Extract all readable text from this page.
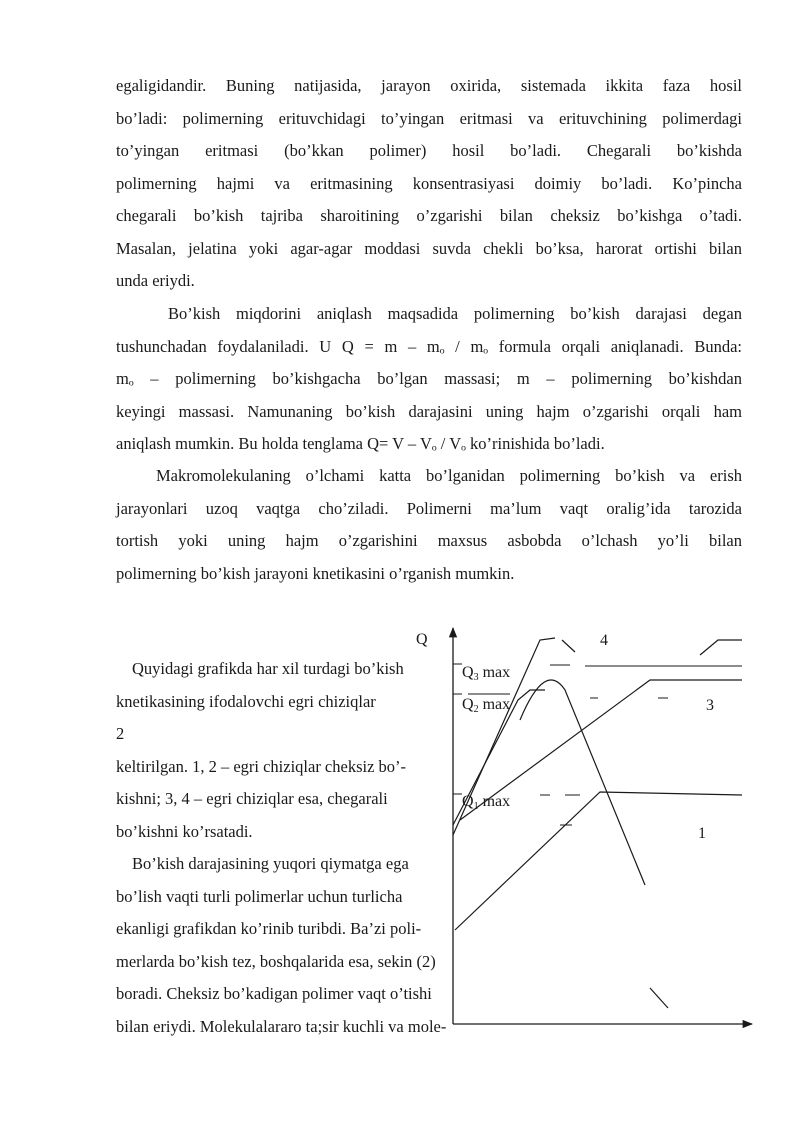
egaligidandir. Buning natijasida, jarayon oxirida, sistemada ikkita faza hosil
bo’ladi: polimerning erituvchidagi to’yingan eritmasi va erituvchining polimerdagi
to’yingan eritmasi (bo’kkan polimer) hosil bo’ladi. Chegarali bo’kishda
polimerning hajmi va eritmasining konsentrasiyasi doimiy bo’ladi. Ko’pincha
chegarali bo’kish tajriba sharoitining o’zgarishi bilan cheksiz bo’kishga o’tadi.
Masalan, jelatina yoki agar-agar moddasi suvda chekli bo’ksa, harorat ortishi bilan
unda eriydi.

Bo’kish miqdorini aniqlash maqsadida polimerning bo’kish darajasi degan
tushunchadan foydalaniladi. U Q = m – mₒ / mₒ formula orqali aniqlanadi. Bunda:
mₒ – polimerning bo’kishgacha bo’lgan massasi; m – polimerning bo’kishdan
keyingi massasi. Namunaning bo’kish darajasini uning hajm o’zgarishi orqali ham
aniqlash mumkin. Bu holda tenglama Q= V – Vₒ / Vₒ ko’rinishida bo’ladi.

Makromolekulaning o’lchami katta bo’lganidan polimerning bo’kish va erish
jarayonlari uzoq vaqtga cho’ziladi. Polimerni ma’lum vaqt oralig’ida tarozida
tortish yoki uning hajm o’zgarishini maxsus asbobda o’lchash yo’li bilan
polimerning bo’kish jarayoni knetikasini o’rganish mumkin.

Quyidagi grafikda har xil turdagi bo’kish
knetikasining ifodalovchi egri chiziqlar
2
keltirilgan. 1, 2 – egri chiziqlar cheksiz bo’-
kishni; 3, 4 – egri chiziqlar esa, chegarali
bo’kishni ko’rsatadi.
Bo’kish darajasining yuqori qiymatga ega
bo’lish vaqti turli polimerlar uchun turlicha
ekanligi grafikdan ko’rinib turibdi. Ba’zi poli-
merlarda bo’kish tez, boshqalarida esa, sekin (2)
boradi. Cheksiz bo’kadigan polimer vaqt o’tishi
bilan eriydi. Molekulalararo ta;sir kuchli va mole-
Q
Q3 max
Q2 max
Q1 max
4
3
1
